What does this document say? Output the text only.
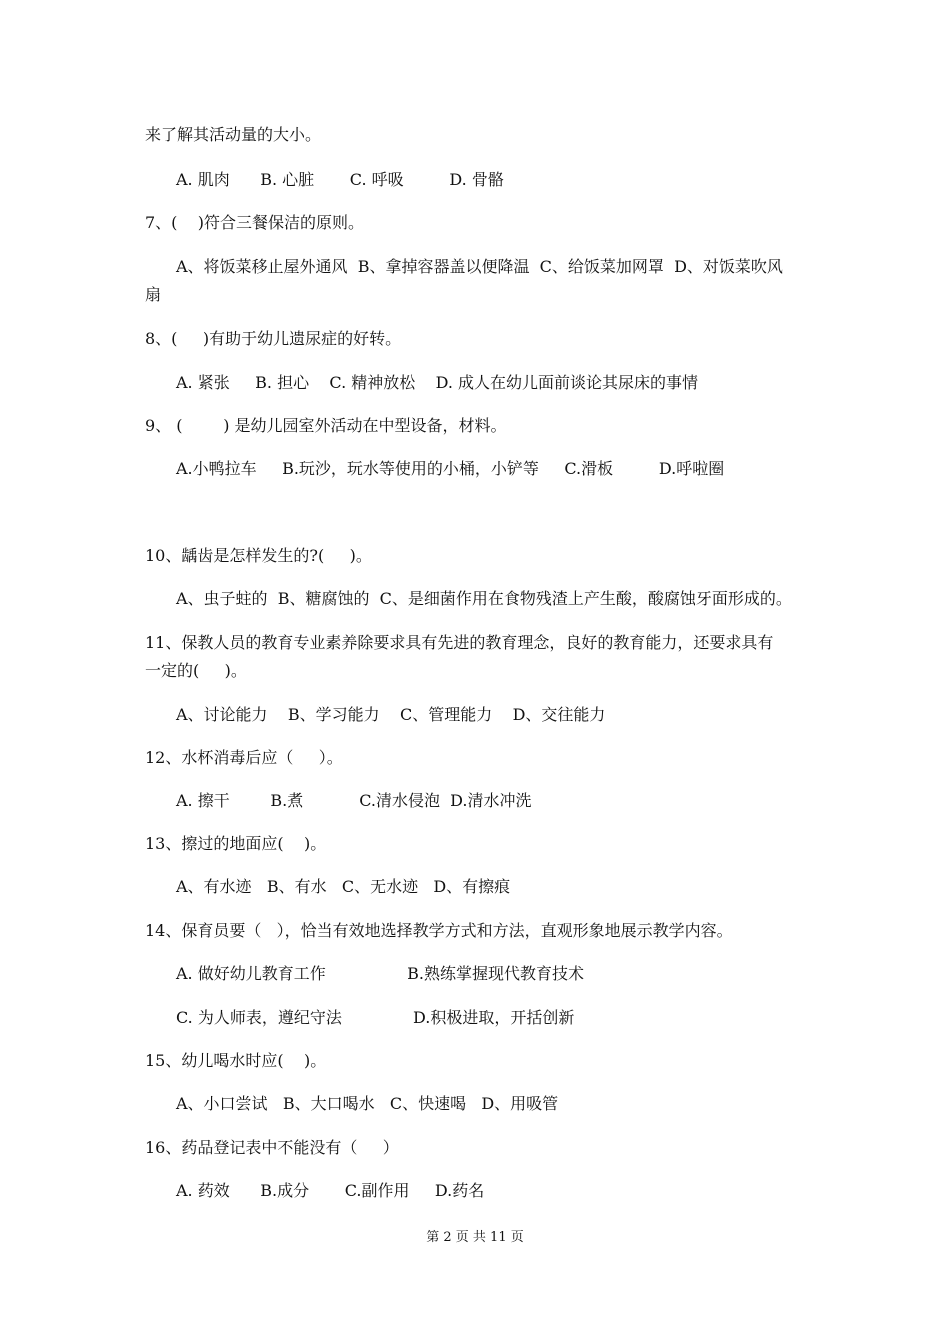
来了解其活动量的大小。
A. 肌肉      B. 心脏       C. 呼吸         D. 骨骼
7、(    )符合三餐保洁的原则。
A、将饭菜移止屋外通风  B、拿掉容器盖以便降温  C、给饭菜加网罩  D、对饭菜吹风
扇
8、(     )有助于幼儿遗尿症的好转。
A. 紧张     B. 担心    C. 精神放松    D. 成人在幼儿面前谈论其尿床的事情
9、 (        ) 是幼儿园室外活动在中型设备，材料。
A.小鸭拉车     B.玩沙，玩水等使用的小桶，小铲等     C.滑板         D.呼啦圈
10、龋齿是怎样发生的?(     )。
A、虫子蛀的  B、糖腐蚀的  C、是细菌作用在食物残渣上产生酸，酸腐蚀牙面形成的。
11、保教人员的教育专业素养除要求具有先进的教育理念，良好的教育能力，还要求具有
一定的(     )。
A、讨论能力    B、学习能力    C、管理能力    D、交往能力
12、水杯消毒后应（     ）。
A. 擦干        B.煮           C.清水侵泡  D.清水冲洗
13、擦过的地面应(    )。
A、有水迹   B、有水   C、无水迹   D、有擦痕
14、保育员要（   ），恰当有效地选择教学方式和方法，直观形象地展示教学内容。
A. 做好幼儿教育工作                B.熟练掌握现代教育技术
C. 为人师表，遵纪守法              D.积极进取，开括创新
15、幼儿喝水时应(    )。
A、小口尝试   B、大口喝水   C、快速喝   D、用吸管
16、药品登记表中不能没有（     ）
A. 药效      B.成分       C.副作用     D.药名
第 2 页 共 11 页
